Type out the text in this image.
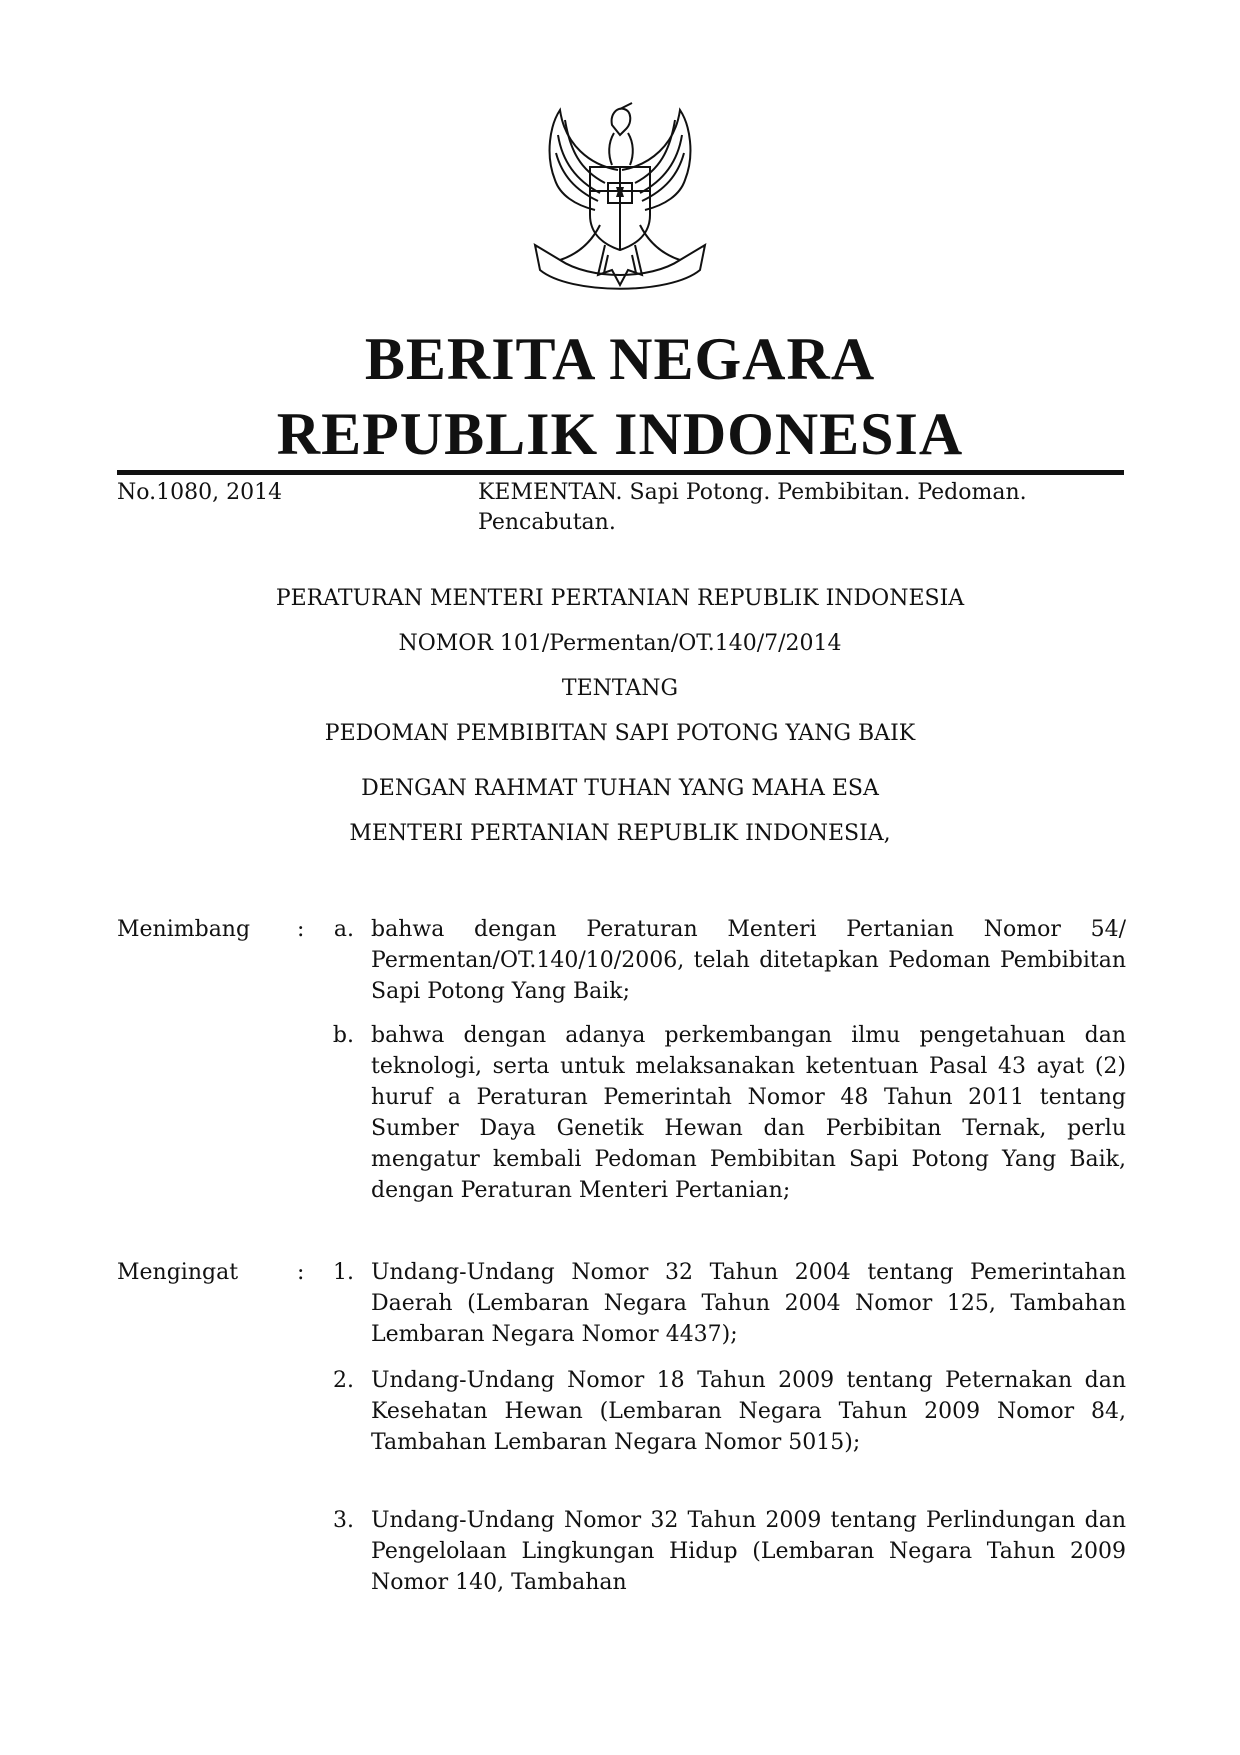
BERITA NEGARA
REPUBLIK INDONESIA
No.1080, 2014	KEMENTAN. Sapi Potong. Pembibitan. Pedoman. Pencabutan.
PERATURAN MENTERI PERTANIAN REPUBLIK INDONESIA
NOMOR 101/Permentan/OT.140/7/2014
TENTANG
PEDOMAN PEMBIBITAN SAPI POTONG YANG BAIK
DENGAN RAHMAT TUHAN YANG MAHA ESA
MENTERI PERTANIAN REPUBLIK INDONESIA,
Menimbang :	a. bahwa dengan Peraturan Menteri Pertanian Nomor 54/ Permentan/OT.140/10/2006, telah ditetapkan Pedoman Pembibitan Sapi Potong Yang Baik;
b. bahwa dengan adanya perkembangan ilmu pengetahuan dan teknologi, serta untuk melaksanakan ketentuan Pasal 43 ayat (2) huruf a Peraturan Pemerintah Nomor 48 Tahun 2011 tentang Sumber Daya Genetik Hewan dan Perbibitan Ternak, perlu mengatur kembali Pedoman Pembibitan Sapi Potong Yang Baik, dengan Peraturan Menteri Pertanian;
Mengingat	:	1. Undang-Undang Nomor 32 Tahun 2004 tentang Pemerintahan Daerah (Lembaran Negara Tahun 2004 Nomor 125, Tambahan Lembaran Negara Nomor 4437);
2. Undang-Undang Nomor 18 Tahun 2009 tentang Peternakan dan Kesehatan Hewan (Lembaran Negara Tahun 2009 Nomor 84, Tambahan Lembaran Negara Nomor 5015);
3. Undang-Undang Nomor 32 Tahun 2009 tentang Perlindungan dan Pengelolaan Lingkungan Hidup (Lembaran Negara Tahun 2009 Nomor 140, Tambahan
